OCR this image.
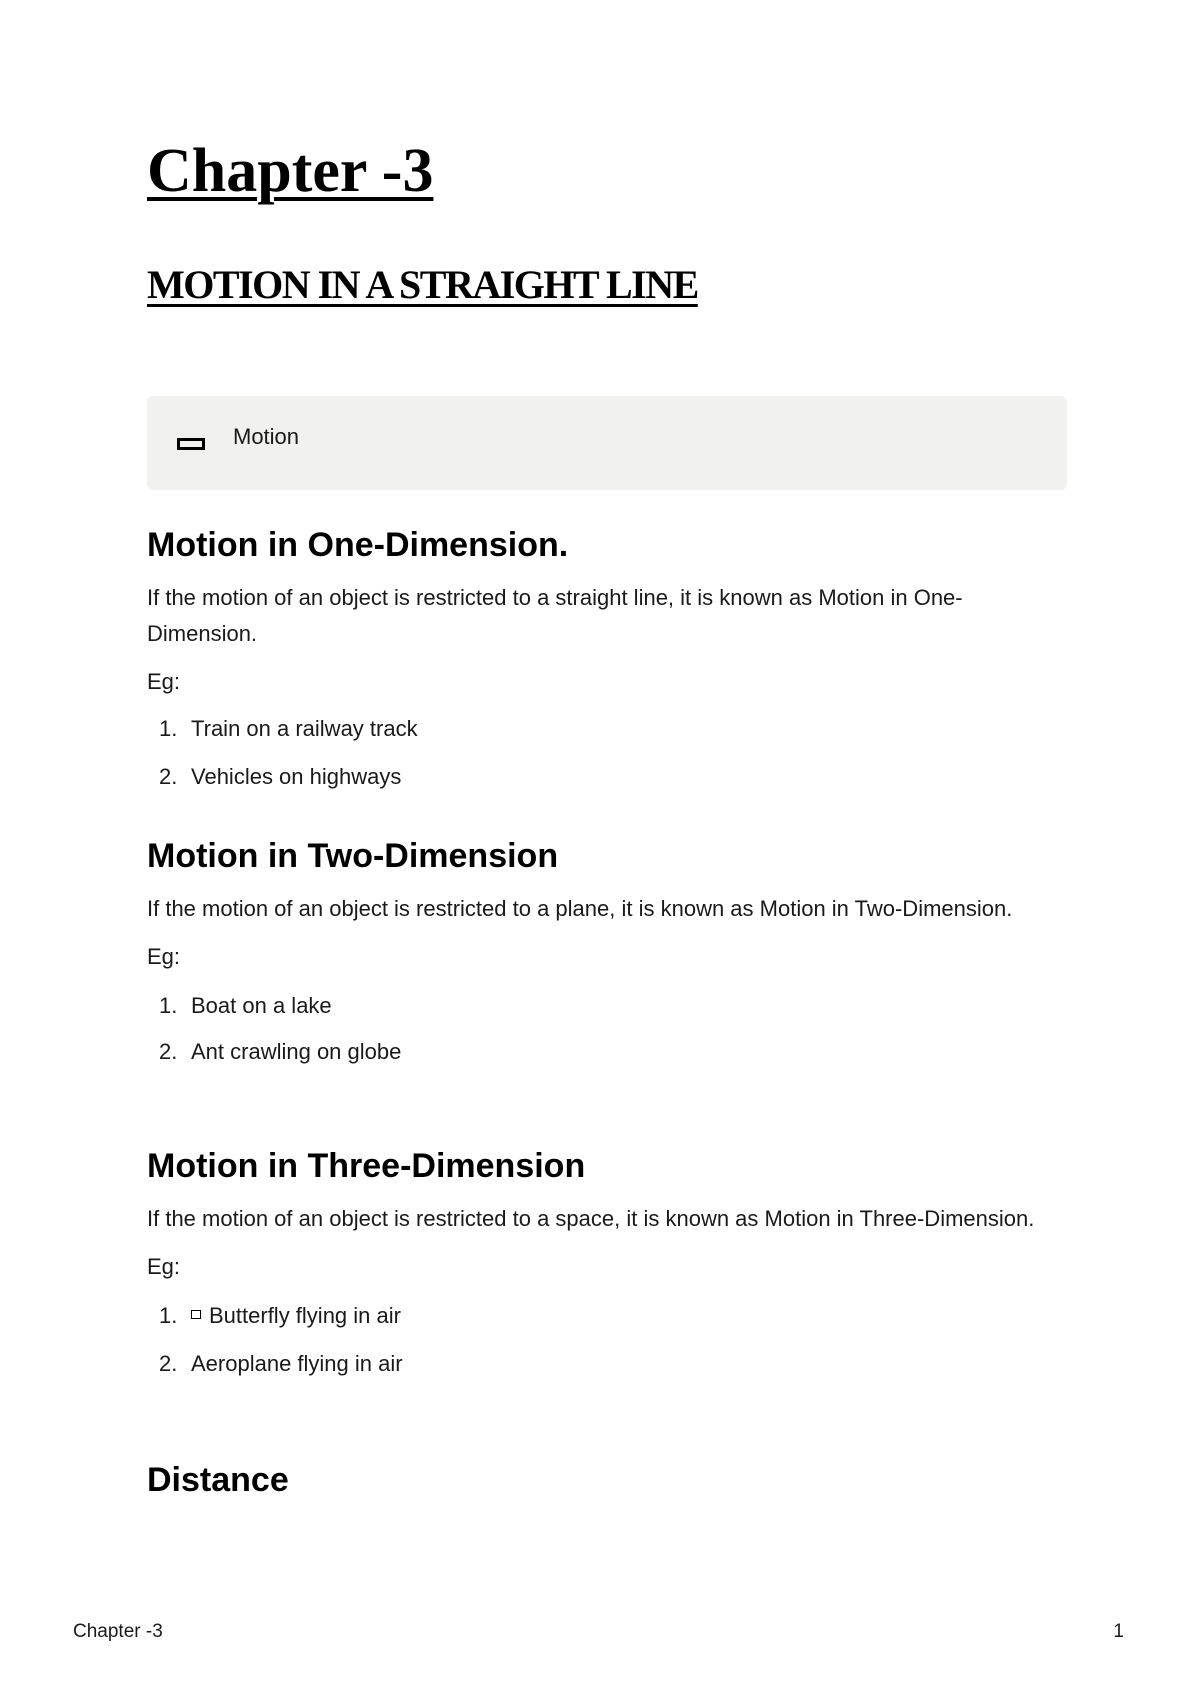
Chapter -3
MOTION IN A STRAIGHT LINE
Motion
Motion in One-Dimension.

If the motion of an object is restricted to a straight line, it is known as Motion in One-Dimension.

Eg:

1. Train on a railway track
2. Vehicles on highways
Motion in Two-Dimension

If the motion of an object is restricted to a plane, it is known as Motion in Two-Dimension.

Eg:

1. Boat on a lake
2. Ant crawling on globe
Motion in Three-Dimension

If the motion of an object is restricted to a space, it is known as Motion in Three-Dimension.

Eg:

1. Butterfly flying in air
2. Aeroplane flying in air
Distance
Chapter -3	1
